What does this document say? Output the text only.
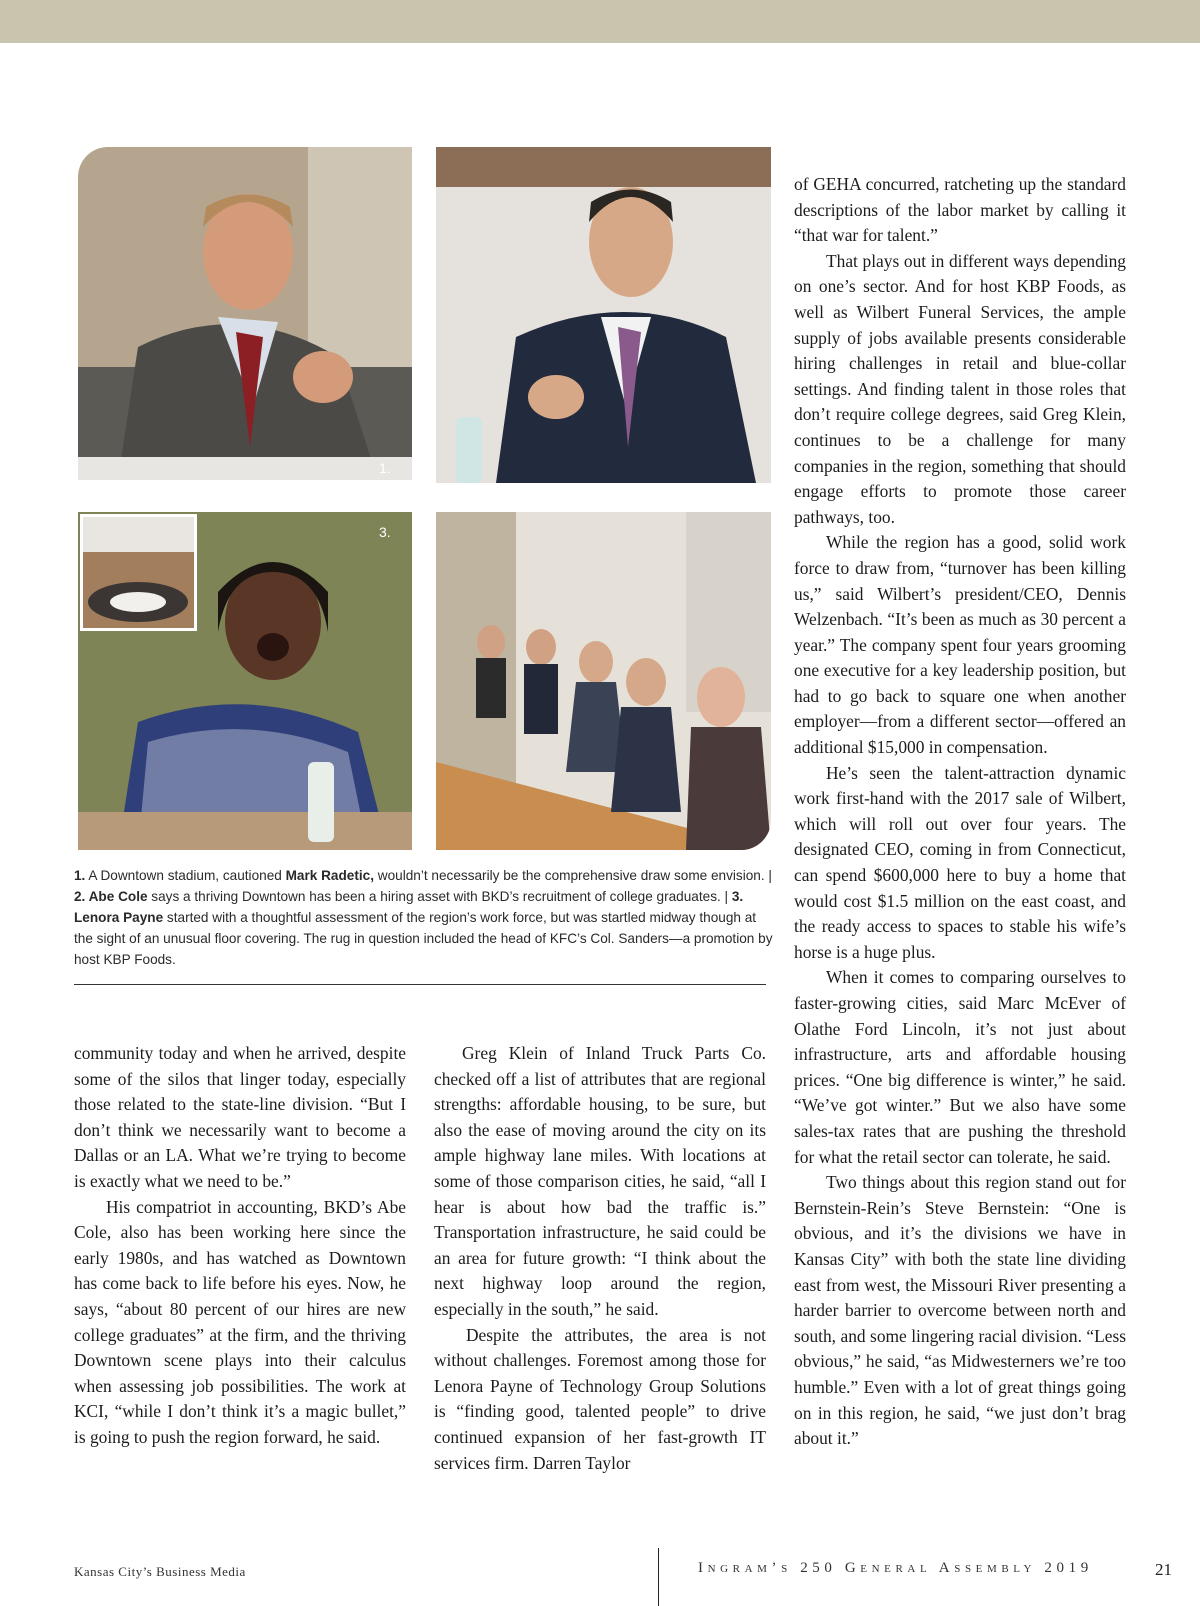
1.
3.
1. A Downtown stadium, cautioned Mark Radetic, wouldn’t necessarily be the comprehensive draw some envision. | 2. Abe Cole says a thriving Downtown has been a hiring asset with BKD’s recruitment of college graduates. | 3. Lenora Payne started with a thoughtful assessment of the region’s work force, but was startled midway though at the sight of an unusual floor covering. The rug in question included the head of KFC’s Col. Sanders—a promotion by host KBP Foods.

community today and when he arrived, despite some of the silos that linger today, especially those related to the state-line division. “But I don’t think we necessarily want to become a Dallas or an LA. What we’re trying to become is exactly what we need to be.”

His compatriot in accounting, BKD’s Abe Cole, also has been working here since the early 1980s, and has watched as Downtown has come back to life before his eyes. Now, he says, “about 80 percent of our hires are new college graduates” at the firm, and the thriving Downtown scene plays into their calculus when assessing job possibilities. The work at KCI, “while I don’t think it’s a magic bullet,” is going to push the region forward, he said.

Greg Klein of Inland Truck Parts Co. checked off a list of attributes that are regional strengths: affordable housing, to be sure, but also the ease of moving around the city on its ample highway lane miles. With locations at some of those comparison cities, he said, “all I hear is about how bad the traffic is.” Transportation infrastructure, he said could be an area for future growth: “I think about the next highway loop around the region, especially in the south,” he said.

Despite the attributes, the area is not without challenges. Foremost among those for Lenora Payne of Technology Group Solutions is “finding good, talented people” to drive continued expansion of her fast-growth IT services firm. Darren Taylor

of GEHA concurred, ratcheting up the standard descriptions of the labor market by calling it “that war for talent.”

That plays out in different ways depending on one’s sector. And for host KBP Foods, as well as Wilbert Funeral Services, the ample supply of jobs available presents considerable hiring challenges in retail and blue-collar settings. And finding talent in those roles that don’t require college degrees, said Greg Klein, continues to be a challenge for many companies in the region, something that should engage efforts to promote those career pathways, too.

While the region has a good, solid work force to draw from, “turnover has been killing us,” said Wilbert’s president/CEO, Dennis Welzenbach. “It’s been as much as 30 percent a year.” The company spent four years grooming one executive for a key leadership position, but had to go back to square one when another employer—from a different sector—offered an additional $15,000 in compensation.

He’s seen the talent-attraction dynamic work first-hand with the 2017 sale of Wilbert, which will roll out over four years. The designated CEO, coming in from Connecticut, can spend $600,000 here to buy a home that would cost $1.5 million on the east coast, and the ready access to spaces to stable his wife’s horse is a huge plus.

When it comes to comparing ourselves to faster-growing cities, said Marc McEver of Olathe Ford Lincoln, it’s not just about infrastructure, arts and affordable housing prices. “One big difference is winter,” he said. “We’ve got winter.” But we also have some sales-tax rates that are pushing the threshold for what the retail sector can tolerate, he said.

Two things about this region stand out for Bernstein-Rein’s Steve Bernstein: “One is obvious, and it’s the divisions we have in Kansas City” with both the state line dividing east from west, the Missouri River presenting a harder barrier to overcome between north and south, and some lingering racial division. “Less obvious,” he said, “as Midwesterners we’re too humble.” Even with a lot of great things going on in this region, he said, “we just don’t brag about it.”

Kansas City’s Business Media	Ingram’s 250 General Assembly 2019	21
